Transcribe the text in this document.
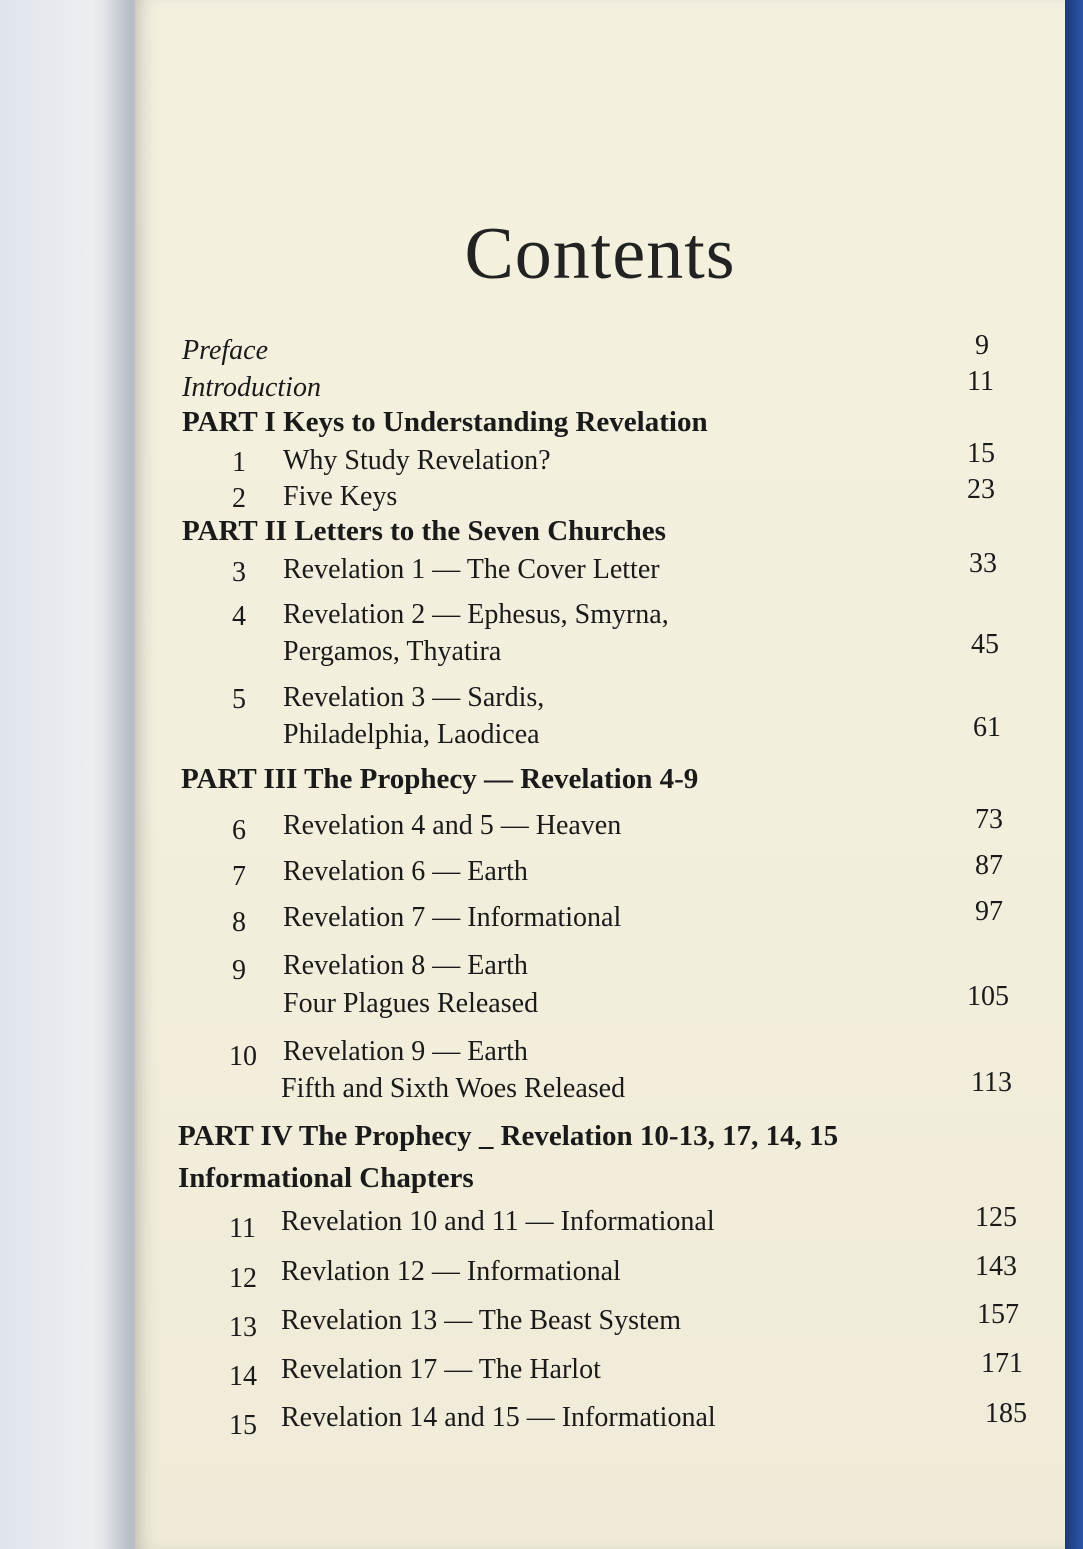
Contents
Preface	9
Introduction	11
PART I Keys to Understanding Revelation
1 Why Study Revelation?	15
2 Five Keys	23
PART II Letters to the Seven Churches
3 Revelation 1 — The Cover Letter	33
4 Revelation 2 — Ephesus, Smyrna,
Pergamos, Thyatira	45
5 Revelation 3 — Sardis,
Philadelphia, Laodicea	61
PART III The Prophecy — Revelation 4-9
6 Revelation 4 and 5 — Heaven	73
7 Revelation 6 — Earth	87
8 Revelation 7 — Informational	97
9 Revelation 8 — Earth
Four Plagues Released	105
10 Revelation 9 — Earth
Fifth and Sixth Woes Released	113
PART IV The Prophecy _ Revelation 10-13, 17, 14, 15
Informational Chapters
11 Revelation 10 and 11 — Informational	125
12 Revlation 12 — Informational	143
13 Revelation 13 — The Beast System	157
14 Revelation 17 — The Harlot	171
15 Revelation 14 and 15 — Informational	185
